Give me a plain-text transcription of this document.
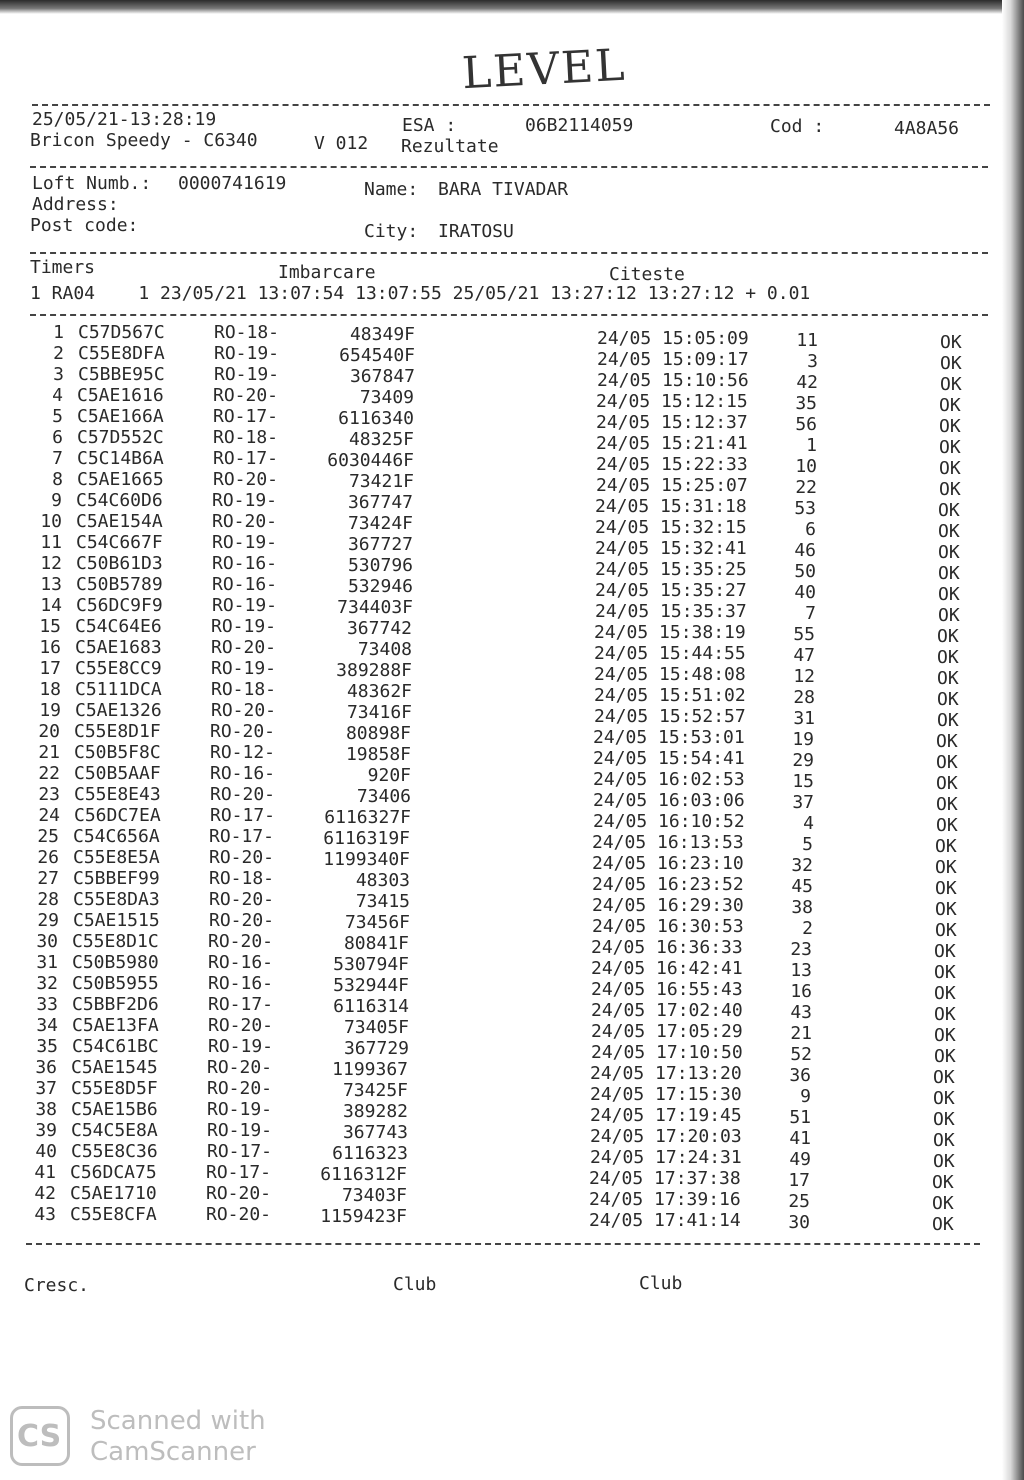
LEVEL
25/05/21-13:28:19
Bricon Speedy - C6340	V 012
ESA :	06B2114059
Rezultate
Cod :	4A8A56
Loft Numb.: 0000741619	Name: BARA TIVADAR
Address:
Post code:	City: IRATOSU
Timers	Imbarcare	Citeste
1 RA04    1 23/05/21 13:07:54 13:07:55 25/05/21 13:27:12 13:27:12 + 0.01
1 C57D567C	RO-18-	48349F	24/05 15:05:09	11	OK
2 C55E8DFA	RO-19-	654540F	24/05 15:09:17	3	OK
3 C5BBE95C	RO-19-	367847	24/05 15:10:56	42	OK
4 C5AE1616	RO-20-	73409	24/05 15:12:15	35	OK
5 C5AE166A	RO-17-	6116340	24/05 15:12:37	56	OK
6 C57D552C	RO-18-	48325F	24/05 15:21:41	1	OK
7 C5C14B6A	RO-17-	6030446F	24/05 15:22:33	10	OK
8 C5AE1665	RO-20-	73421F	24/05 15:25:07	22	OK
9 C54C60D6	RO-19-	367747	24/05 15:31:18	53	OK
10 C5AE154A	RO-20-	73424F	24/05 15:32:15	6	OK
11 C54C667F	RO-19-	367727	24/05 15:32:41	46	OK
12 C50B61D3	RO-16-	530796	24/05 15:35:25	50	OK
13 C50B5789	RO-16-	532946	24/05 15:35:27	40	OK
14 C56DC9F9	RO-19-	734403F	24/05 15:35:37	7	OK
15 C54C64E6	RO-19-	367742	24/05 15:38:19	55	OK
16 C5AE1683	RO-20-	73408	24/05 15:44:55	47	OK
17 C55E8CC9	RO-19-	389288F	24/05 15:48:08	12	OK
18 C5111DCA	RO-18-	48362F	24/05 15:51:02	28	OK
19 C5AE1326	RO-20-	73416F	24/05 15:52:57	31	OK
20 C55E8D1F	RO-20-	80898F	24/05 15:53:01	19	OK
21 C50B5F8C	RO-12-	19858F	24/05 15:54:41	29	OK
22 C50B5AAF	RO-16-	920F	24/05 16:02:53	15	OK
23 C55E8E43	RO-20-	73406	24/05 16:03:06	37	OK
24 C56DC7EA	RO-17-	6116327F	24/05 16:10:52	4	OK
25 C54C656A	RO-17-	6116319F	24/05 16:13:53	5	OK
26 C55E8E5A	RO-20-	1199340F	24/05 16:23:10	32	OK
27 C5BBEF99	RO-18-	48303	24/05 16:23:52	45	OK
28 C55E8DA3	RO-20-	73415	24/05 16:29:30	38	OK
29 C5AE1515	RO-20-	73456F	24/05 16:30:53	2	OK
30 C55E8D1C	RO-20-	80841F	24/05 16:36:33	23	OK
31 C50B5980	RO-16-	530794F	24/05 16:42:41	13	OK
32 C50B5955	RO-16-	532944F	24/05 16:55:43	16	OK
33 C5BBF2D6	RO-17-	6116314	24/05 17:02:40	43	OK
34 C5AE13FA	RO-20-	73405F	24/05 17:05:29	21	OK
35 C54C61BC	RO-19-	367729	24/05 17:10:50	52	OK
36 C5AE1545	RO-20-	1199367	24/05 17:13:20	36	OK
37 C55E8D5F	RO-20-	73425F	24/05 17:15:30	9	OK
38 C5AE15B6	RO-19-	389282	24/05 17:19:45	51	OK
39 C54C5E8A	RO-19-	367743	24/05 17:20:03	41	OK
40 C55E8C36	RO-17-	6116323	24/05 17:24:31	49	OK
41 C56DCA75	RO-17-	6116312F	24/05 17:37:38	17	OK
42 C5AE1710	RO-20-	73403F	24/05 17:39:16	25	OK
43 C55E8CFA	RO-20-	1159423F	24/05 17:41:14	30	OK
Cresc.	Club	Club
CS Scanned with
CamScanner
